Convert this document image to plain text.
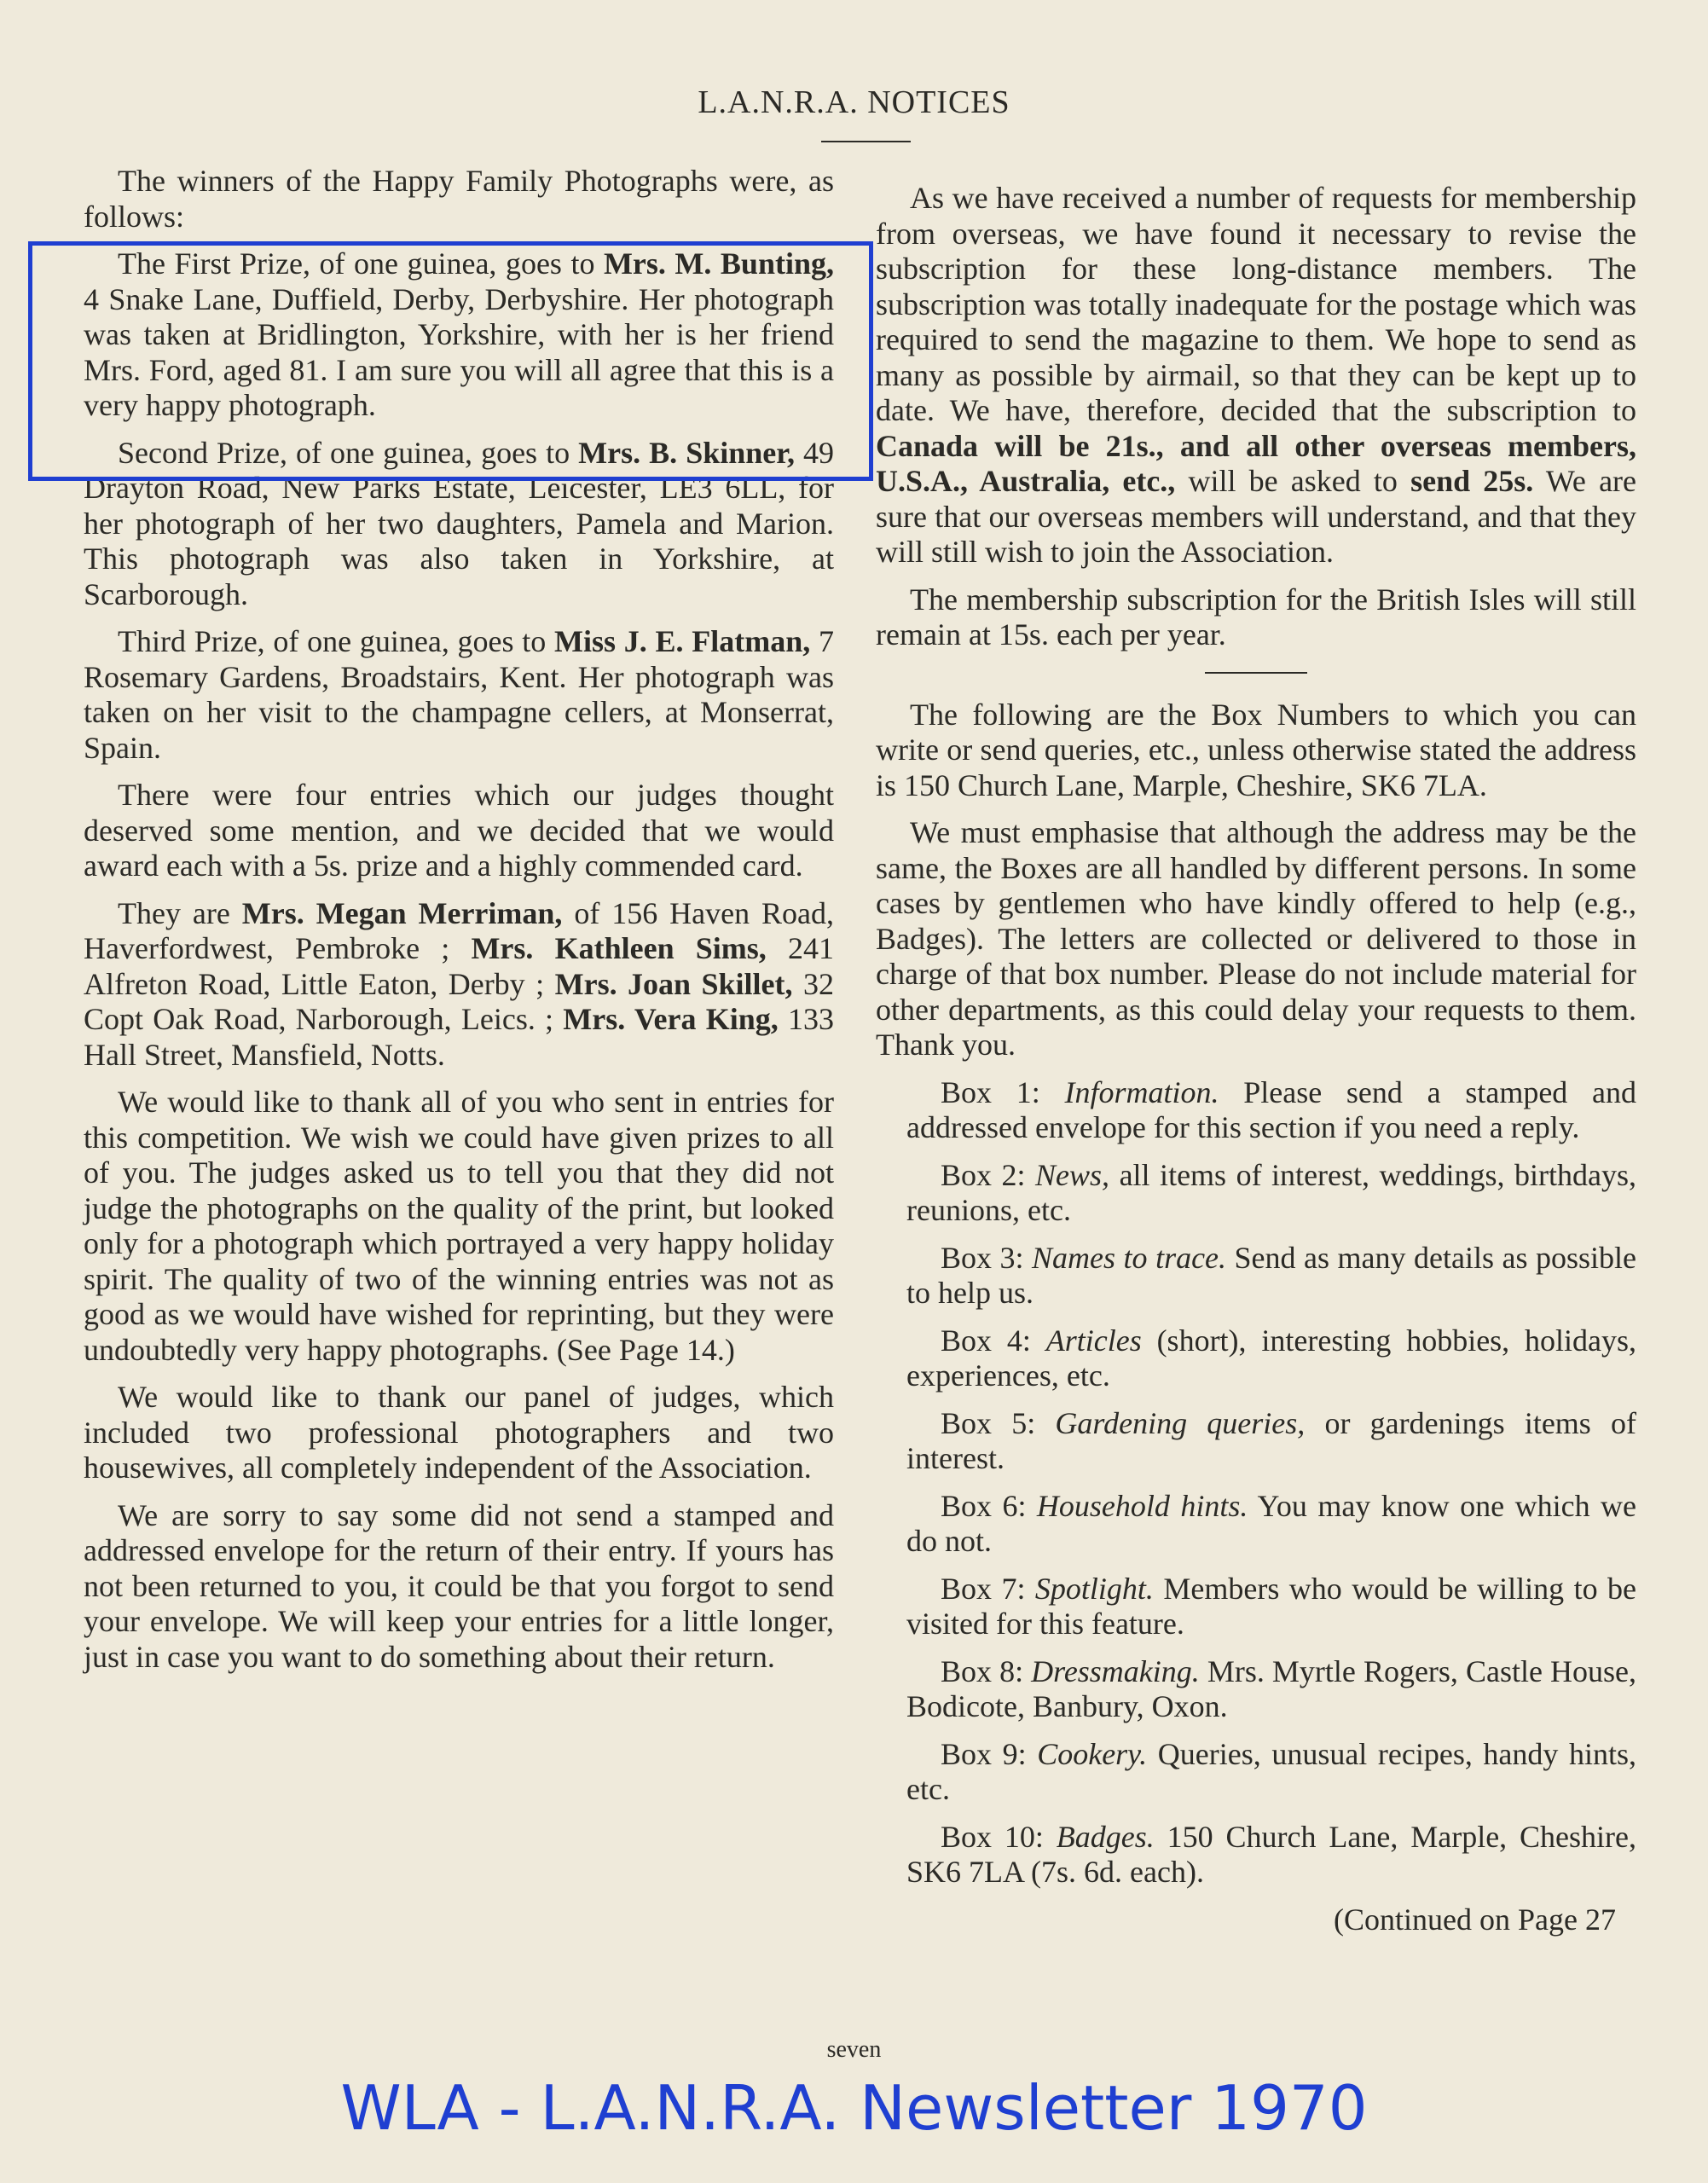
L.A.N.R.A. NOTICES

The winners of the Happy Family Photographs were, as follows:

The First Prize, of one guinea, goes to Mrs. M. Bunting, 4 Snake Lane, Duffield, Derby, Derbyshire. Her photograph was taken at Bridlington, Yorkshire, with her is her friend Mrs. Ford, aged 81. I am sure you will all agree that this is a very happy photograph.

Second Prize, of one guinea, goes to Mrs. B. Skinner, 49 Drayton Road, New Parks Estate, Leicester, LE3 6LL, for her photograph of her two daughters, Pamela and Marion. This photograph was also taken in Yorkshire, at Scarborough.

Third Prize, of one guinea, goes to Miss J. E. Flatman, 7 Rosemary Gardens, Broadstairs, Kent. Her photograph was taken on her visit to the champagne cellers, at Monserrat, Spain.

There were four entries which our judges thought deserved some mention, and we decided that we would award each with a 5s. prize and a highly commended card.

They are Mrs. Megan Merriman, of 156 Haven Road, Haverfordwest, Pembroke ; Mrs. Kathleen Sims, 241 Alfreton Road, Little Eaton, Derby ; Mrs. Joan Skillet, 32 Copt Oak Road, Narborough, Leics. ; Mrs. Vera King, 133 Hall Street, Mansfield, Notts.

We would like to thank all of you who sent in entries for this competition. We wish we could have given prizes to all of you. The judges asked us to tell you that they did not judge the photographs on the quality of the print, but looked only for a photograph which portrayed a very happy holiday spirit. The quality of two of the winning entries was not as good as we would have wished for reprinting, but they were undoubtedly very happy photographs. (See Page 14.)

We would like to thank our panel of judges, which included two professional photographers and two housewives, all completely independent of the Association.

We are sorry to say some did not send a stamped and addressed envelope for the return of their entry. If yours has not been returned to you, it could be that you forgot to send your envelope. We will keep your entries for a little longer, just in case you want to do something about their return.

As we have received a number of requests for membership from overseas, we have found it necessary to revise the subscription for these long-distance members. The subscription was totally inadequate for the postage which was required to send the magazine to them. We hope to send as many as possible by airmail, so that they can be kept up to date. We have, therefore, decided that the subscription to Canada will be 21s., and all other overseas members, U.S.A., Australia, etc., will be asked to send 25s. We are sure that our overseas members will understand, and that they will still wish to join the Association.

The membership subscription for the British Isles will still remain at 15s. each per year.

The following are the Box Numbers to which you can write or send queries, etc., unless otherwise stated the address is 150 Church Lane, Marple, Cheshire, SK6 7LA.

We must emphasise that although the address may be the same, the Boxes are all handled by different persons. In some cases by gentlemen who have kindly offered to help (e.g., Badges). The letters are collected or delivered to those in charge of that box number. Please do not include material for other departments, as this could delay your requests to them. Thank you.

Box 1: Information. Please send a stamped and addressed envelope for this section if you need a reply.

Box 2: News, all items of interest, weddings, birthdays, reunions, etc.

Box 3: Names to trace. Send as many details as possible to help us.

Box 4: Articles (short), interesting hobbies, holidays, experiences, etc.

Box 5: Gardening queries, or gardenings items of interest.

Box 6: Household hints. You may know one which we do not.

Box 7: Spotlight. Members who would be willing to be visited for this feature.

Box 8: Dressmaking. Mrs. Myrtle Rogers, Castle House, Bodicote, Banbury, Oxon.

Box 9: Cookery. Queries, unusual recipes, handy hints, etc.

Box 10: Badges. 150 Church Lane, Marple, Cheshire, SK6 7LA (7s. 6d. each).

(Continued on Page 27

seven
WLA - L.A.N.R.A. Newsletter 1970
